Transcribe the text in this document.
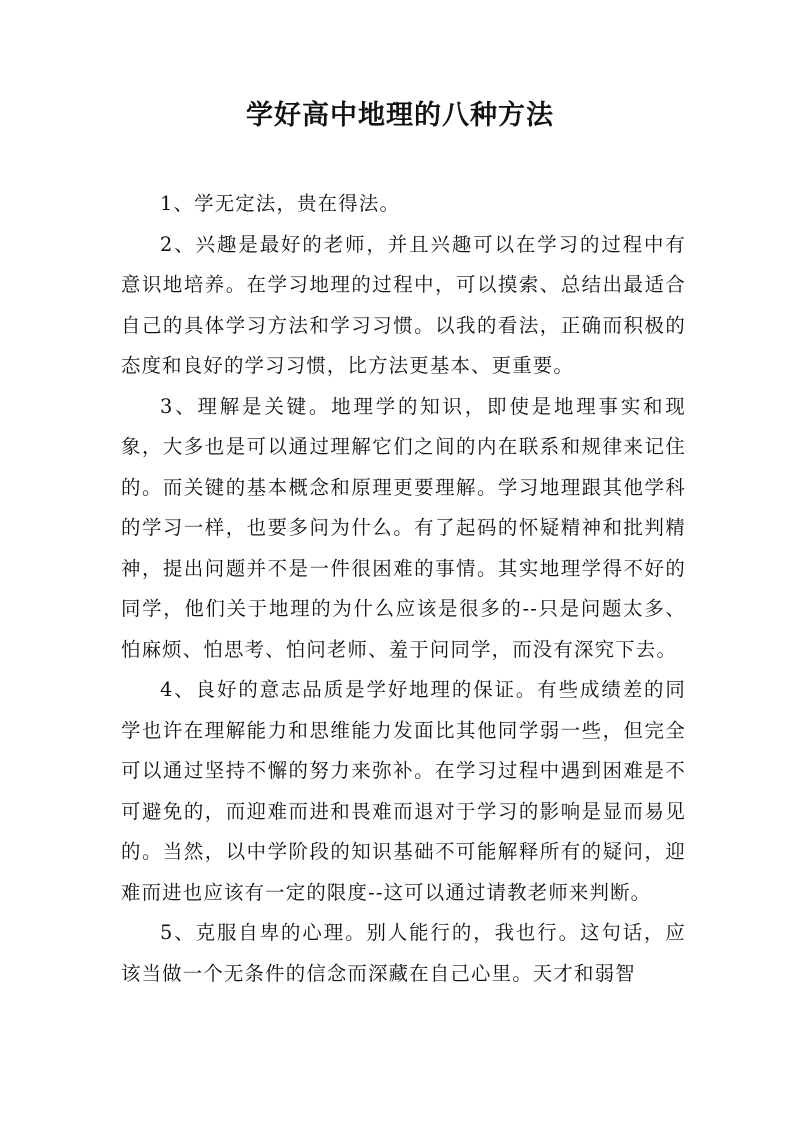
学好高中地理的八种方法

1、学无定法，贵在得法。

2、兴趣是最好的老师，并且兴趣可以在学习的过程中有意识地培养。在学习地理的过程中，可以摸索、总结出最适合自己的具体学习方法和学习习惯。以我的看法，正确而积极的态度和良好的学习习惯，比方法更基本、更重要。

3、理解是关键。地理学的知识，即使是地理事实和现象，大多也是可以通过理解它们之间的内在联系和规律来记住的。而关键的基本概念和原理更要理解。学习地理跟其他学科的学习一样，也要多问为什么。有了起码的怀疑精神和批判精神，提出问题并不是一件很困难的事情。其实地理学得不好的同学，他们关于地理的为什么应该是很多的--只是问题太多、怕麻烦、怕思考、怕问老师、羞于问同学，而没有深究下去。

4、良好的意志品质是学好地理的保证。有些成绩差的同学也许在理解能力和思维能力发面比其他同学弱一些，但完全可以通过坚持不懈的努力来弥补。在学习过程中遇到困难是不可避免的，而迎难而进和畏难而退对于学习的影响是显而易见的。当然，以中学阶段的知识基础不可能解释所有的疑问，迎难而进也应该有一定的限度--这可以通过请教老师来判断。

5、克服自卑的心理。别人能行的，我也行。这句话，应该当做一个无条件的信念而深藏在自己心里。天才和弱智
